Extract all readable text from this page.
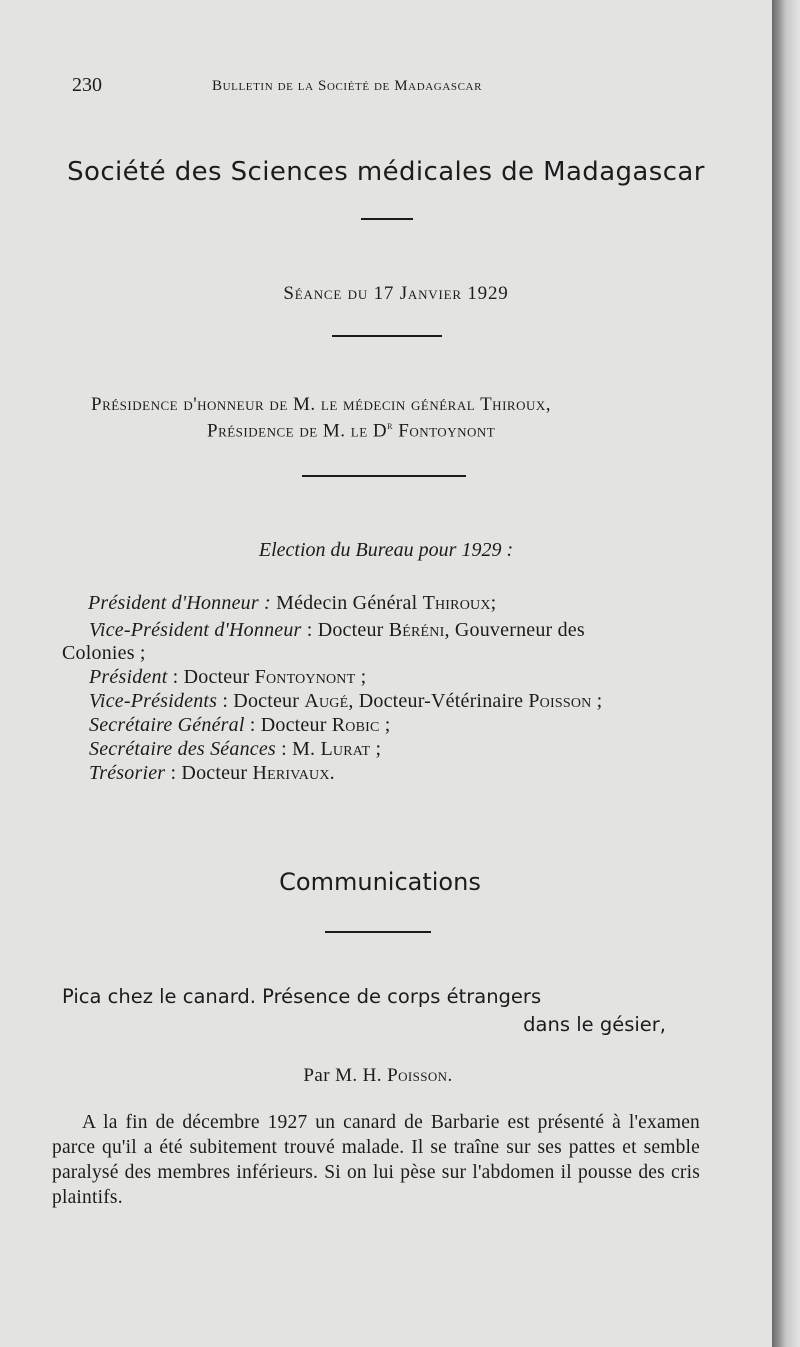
230	Bulletin de la Société de Madagascar
Société des Sciences médicales de Madagascar
Séance du 17 Janvier 1929
Présidence d'honneur de M. le médecin général Thiroux,
Présidence de M. le $D^r$ Fontoynont
Election du Bureau pour 1929 :
Président d'Honneur : Médecin Général Thiroux;
Vice-Président d'Honneur : Docteur Béréni, Gouverneur des
Colonies ;
Président : Docteur Fontoynont ;
Vice-Présidents : Docteur Augé, Docteur-Vétérinaire Poisson ;
Secrétaire Général : Docteur Robic ;
Secrétaire des Séances : M. Lurat ;
Trésorier : Docteur Herivaux.
Communications
Pica chez le canard. Présence de corps étrangers
dans le gésier,
Par M. H. Poisson.
A la fin de décembre 1927 un canard de Barbarie est présenté à l'examen parce qu'il a été subitement trouvé malade. Il se traîne sur ses pattes et semble paralysé des membres inférieurs. Si on lui pèse sur l'abdomen il pousse des cris plaintifs.
